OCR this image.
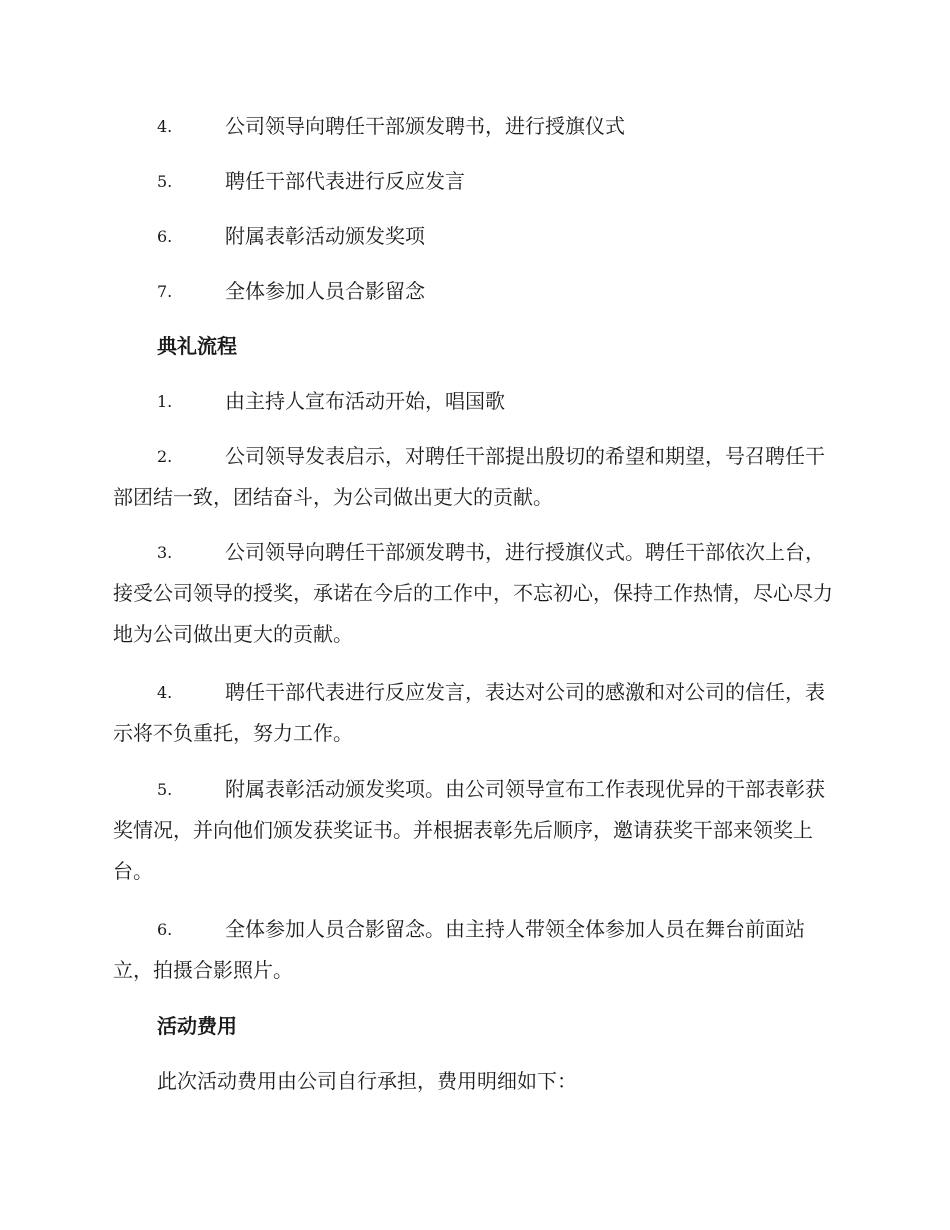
4.	公司领导向聘任干部颁发聘书，进行授旗仪式
5.	聘任干部代表进行反应发言
6.	附属表彰活动颁发奖项
7.	全体参加人员合影留念
典礼流程
1.	由主持人宣布活动开始，唱国歌
2.	公司领导发表启示，对聘任干部提出殷切的希望和期望，号召聘任干部团结一致，团结奋斗，为公司做出更大的贡献。
3.	公司领导向聘任干部颁发聘书，进行授旗仪式。聘任干部依次上台，接受公司领导的授奖，承诺在今后的工作中，不忘初心，保持工作热情，尽心尽力地为公司做出更大的贡献。
4.	聘任干部代表进行反应发言，表达对公司的感激和对公司的信任，表示将不负重托，努力工作。
5.	附属表彰活动颁发奖项。由公司领导宣布工作表现优异的干部表彰获奖情况，并向他们颁发获奖证书。并根据表彰先后顺序，邀请获奖干部来领奖上台。
6.	全体参加人员合影留念。由主持人带领全体参加人员在舞台前面站立，拍摄合影照片。
活动费用
此次活动费用由公司自行承担，费用明细如下：
